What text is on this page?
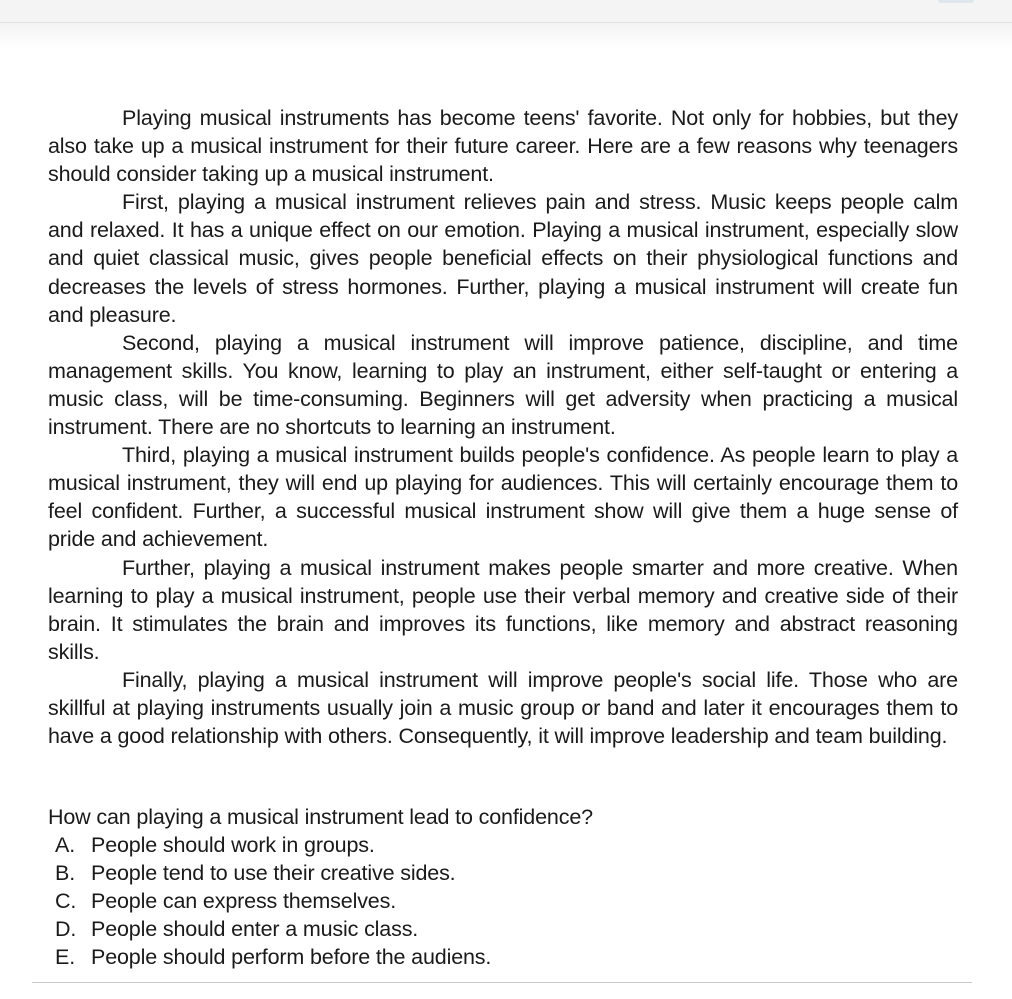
Playing musical instruments has become teens' favorite. Not only for hobbies, but they also take up a musical instrument for their future career. Here are a few reasons why teenagers should consider taking up a musical instrument.

First, playing a musical instrument relieves pain and stress. Music keeps people calm and relaxed. It has a unique effect on our emotion. Playing a musical instrument, especially slow and quiet classical music, gives people beneficial effects on their physiological functions and decreases the levels of stress hormones. Further, playing a musical instrument will create fun and pleasure.

Second, playing a musical instrument will improve patience, discipline, and time management skills. You know, learning to play an instrument, either self-taught or entering a music class, will be time-consuming. Beginners will get adversity when practicing a musical instrument. There are no shortcuts to learning an instrument.

Third, playing a musical instrument builds people's confidence. As people learn to play a musical instrument, they will end up playing for audiences. This will certainly encourage them to feel confident. Further, a successful musical instrument show will give them a huge sense of pride and achievement.

Further, playing a musical instrument makes people smarter and more creative. When learning to play a musical instrument, people use their verbal memory and creative side of their brain. It stimulates the brain and improves its functions, like memory and abstract reasoning skills.

Finally, playing a musical instrument will improve people's social life. Those who are skillful at playing instruments usually join a music group or band and later it encourages them to have a good relationship with others. Consequently, it will improve leadership and team building.

How can playing a musical instrument lead to confidence?

A. People should work in groups.
B. People tend to use their creative sides.
C. People can express themselves.
D. People should enter a music class.
E. People should perform before the audiens.
